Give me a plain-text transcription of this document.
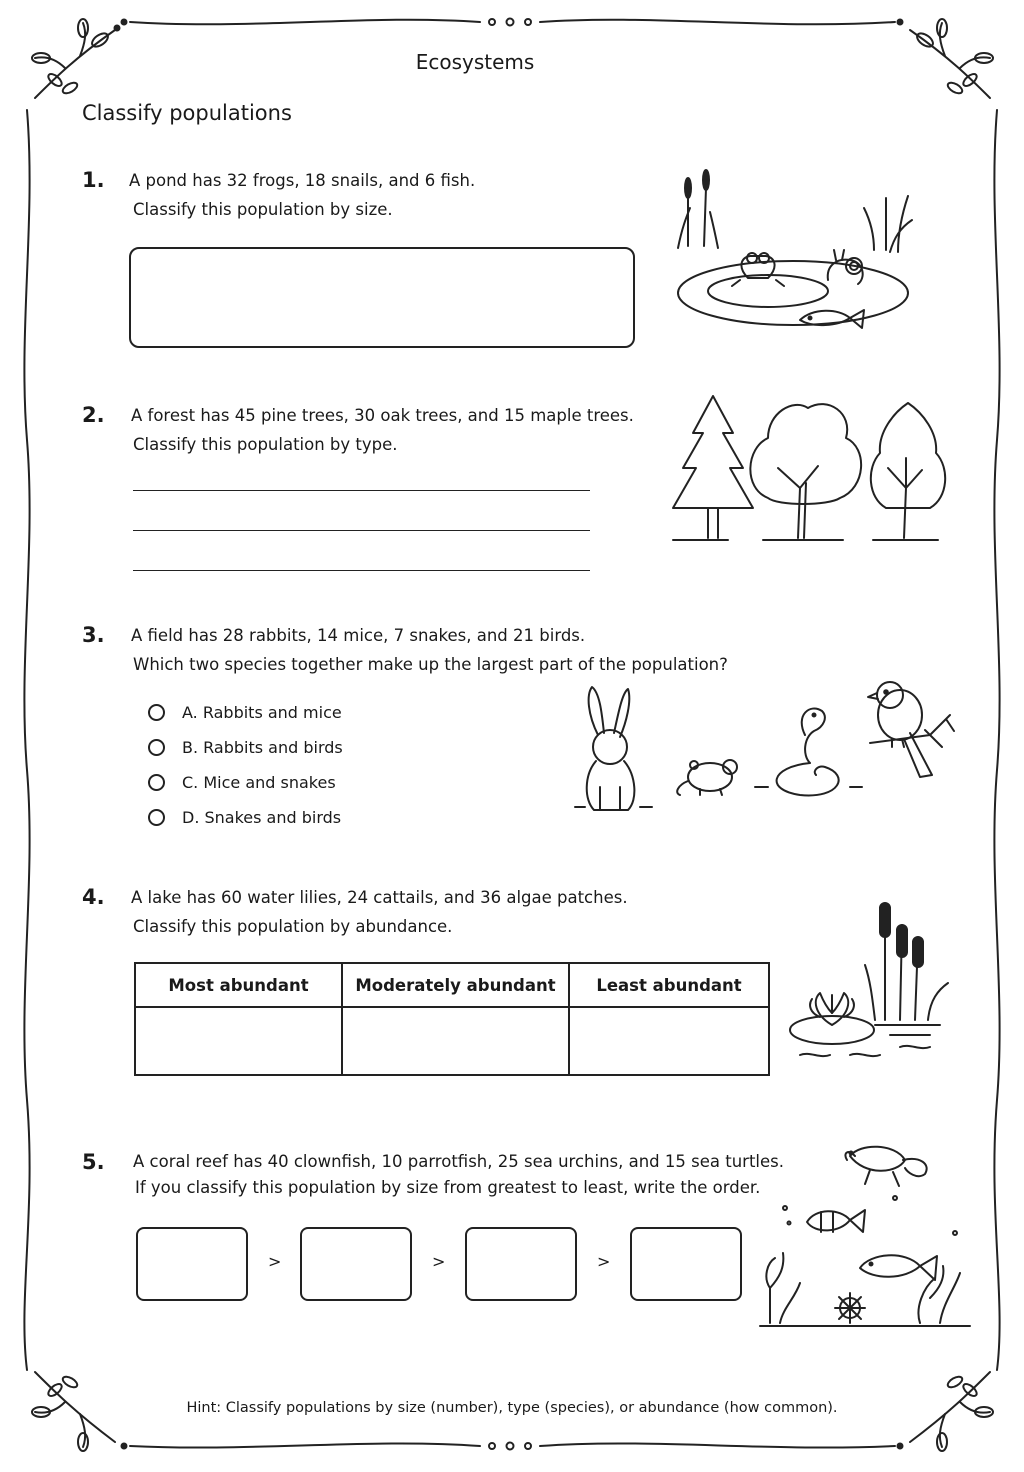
Ecosystems
Classify populations
1. A pond has 32 frogs, 18 snails, and 6 fish.
Classify this population by size.
2. A forest has 45 pine trees, 30 oak trees, and 15 maple trees.
Classify this population by type.
3. A field has 28 rabbits, 14 mice, 7 snakes, and 21 birds.
Which two species together make up the largest part of the population?
A. Rabbits and mice
B. Rabbits and birds
C. Mice and snakes
D. Snakes and birds
4. A lake has 60 water lilies, 24 cattails, and 36 algae patches.
Classify this population by abundance.
Most abundant	Moderately abundant	Least abundant

5. A coral reef has 40 clownfish, 10 parrotfish, 25 sea urchins, and 15 sea turtles.
If you classify this population by size from greatest to least, write the order.
>	>	>
Hint: Classify populations by size (number), type (species), or abundance (how common).
